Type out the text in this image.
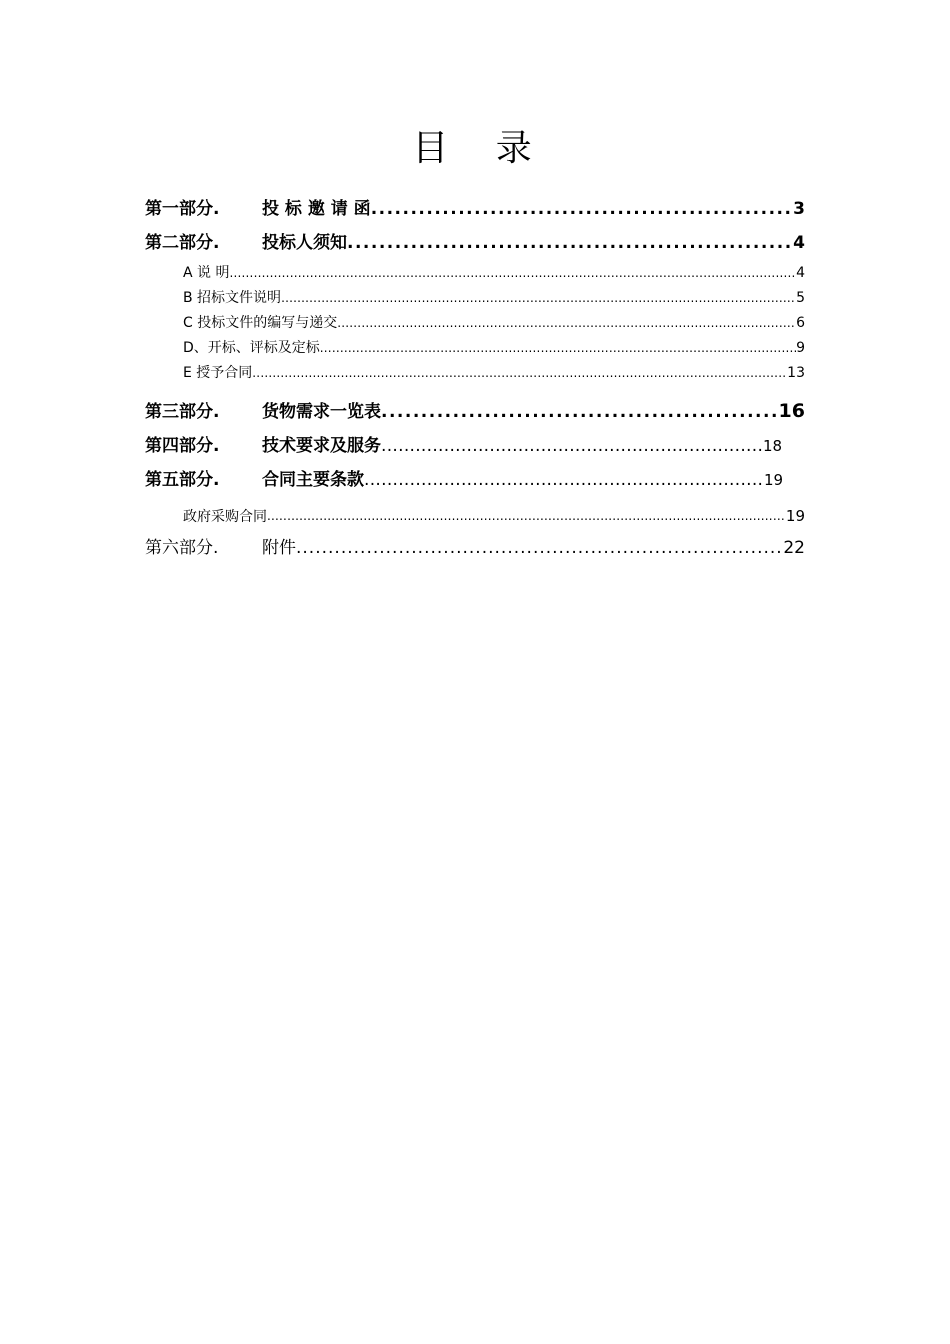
目 录
第一部分.	投 标 邀 请 函 .....	3
第二部分.	投标人须知 .....	4
A 说 明 .....	4
B 招标文件说明 .....	5
C 投标文件的编写与递交 .....	6
D、开标、评标及定标 .....	9
E 授予合同 .....	13
第三部分.	货物需求一览表 .....	16
第四部分.	技术要求及服务 .....	18
第五部分.	合同主要条款 .....	19
政府采购合同 .....	19
第六部分.	附件 .....	22
